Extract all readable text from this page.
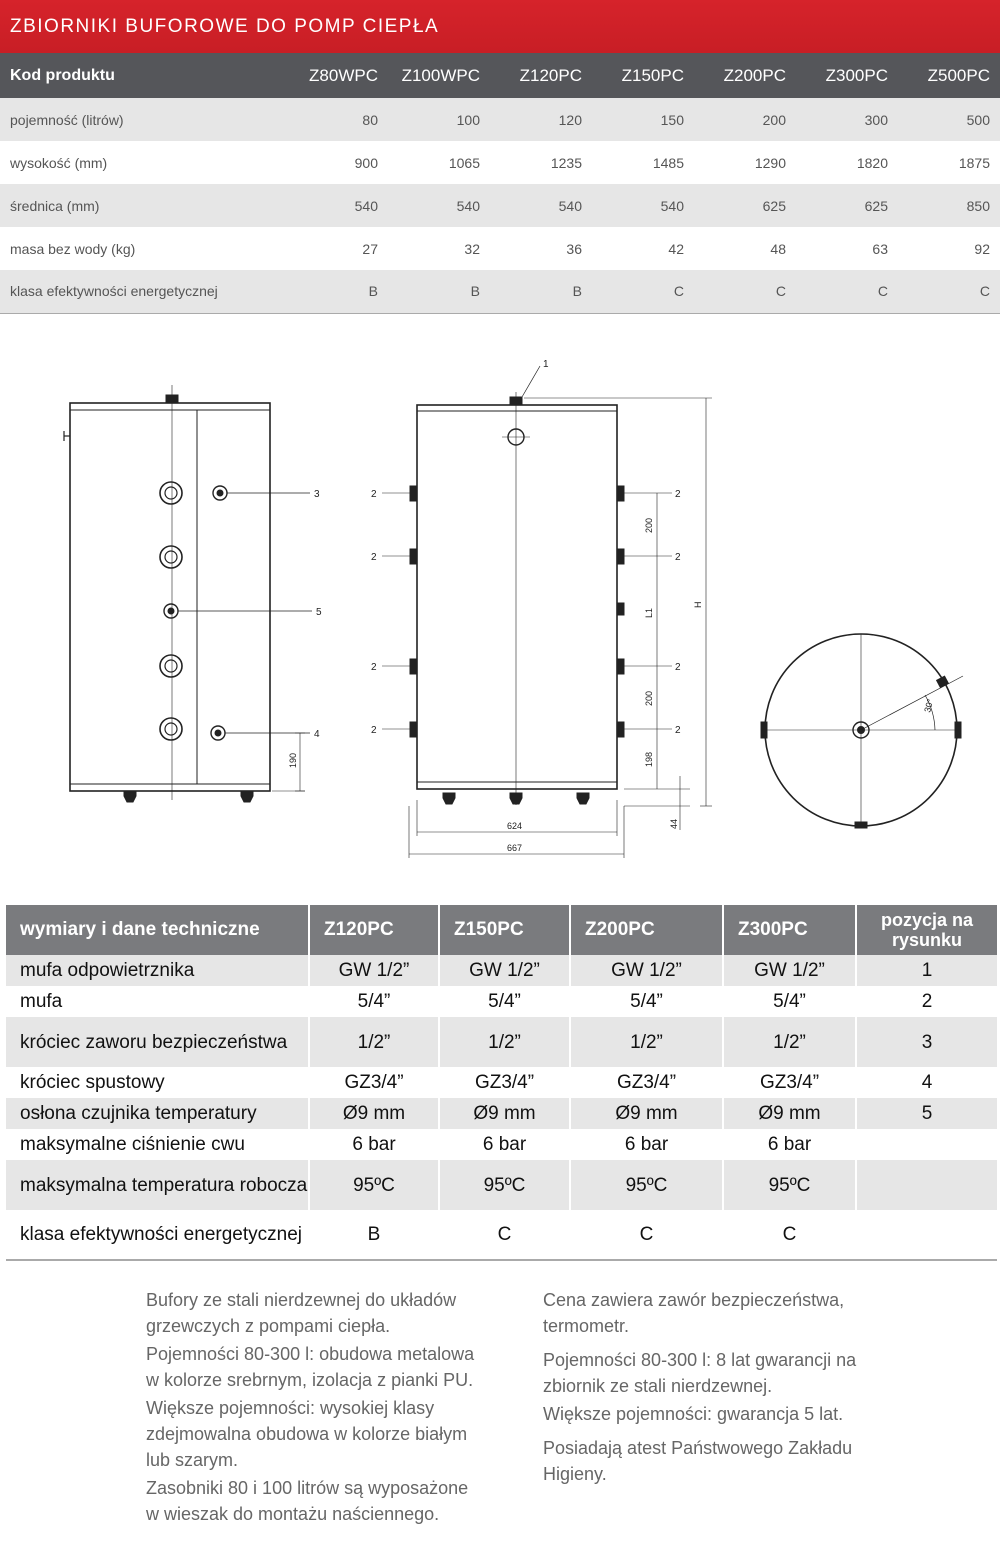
ZBIORNIKI BUFOROWE DO POMP CIEPŁA
Kod produktu	Z80WPC	Z100WPC	Z120PC	Z150PC	Z200PC	Z300PC	Z500PC
pojemność (litrów)	80	100	120	150	200	300	500
wysokość (mm)	900	1065	1235	1485	1290	1820	1875
średnica (mm)	540	540	540	540	625	625	850
masa bez wody (kg)	27	32	36	42	48	63	92
klasa efektywności energetycznej	B	B	B	C	C	C	C
3
5
4
190
1
2
2
2
2
2
2
2
2
200
L1
200
198
H
44
624
667
30°
wymiary i dane techniczne	Z120PC	Z150PC	Z200PC	Z300PC	pozycja na rysunku
mufa odpowietrznika	GW 1/2”	GW 1/2”	GW 1/2”	GW 1/2”	1
mufa	5/4”	5/4”	5/4”	5/4”	2
króciec zaworu bezpieczeństwa	1/2”	1/2”	1/2”	1/2”	3
króciec spustowy	GZ3/4”	GZ3/4”	GZ3/4”	GZ3/4”	4
osłona czujnika temperatury	Ø9 mm	Ø9 mm	Ø9 mm	Ø9 mm	5
maksymalne ciśnienie cwu	6 bar	6 bar	6 bar	6 bar	
maksymalna temperatura robocza	95ºC	95ºC	95ºC	95ºC	
klasa efektywności energetycznej	B	C	C	C	

Bufory ze stali nierdzewnej do układów grzewczych z pompami ciepła.

Pojemności 80-300 l: obudowa metalowa w kolorze srebrnym, izolacja z pianki PU.

Większe pojemności: wysokiej klasy zdejmowalna obudowa w kolorze białym lub szarym.

Zasobniki 80 i 100 litrów są wyposażone w wieszak do montażu naściennego.

Cena zawiera zawór bezpieczeństwa, termometr.

Pojemności 80-300 l: 8 lat gwarancji na zbiornik ze stali nierdzewnej.

Większe pojemności: gwarancja 5 lat.

Posiadają atest Państwowego Zakładu Higieny.
